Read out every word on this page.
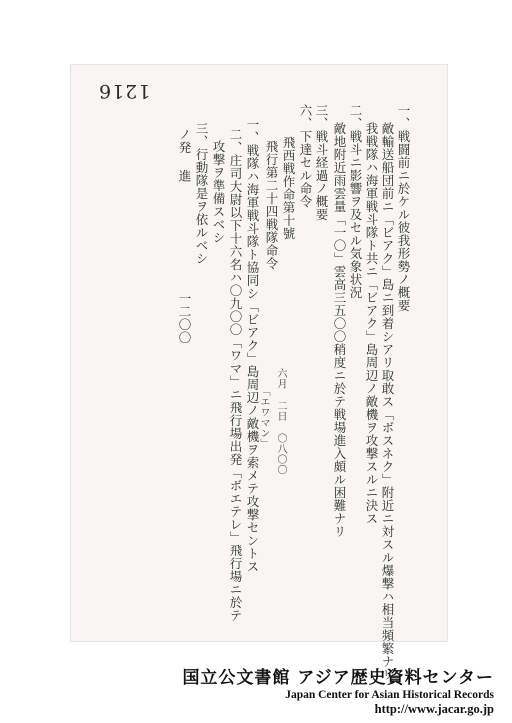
1216
一、戦闘前ニ於ケル彼我形勢ノ概要
敵輸送船団前ニ「ビアク」島ニ到着シアリ取敢ス「ボスネク」附近ニ対スル爆撃ハ相当頻繁ナリ
我戦隊ハ海軍戦斗隊ト共ニ「ビアク」島周辺ノ敵機ヲ攻撃スルニ決ス
二、戦斗ニ影響ヲ及セル気象状況
敵地附近雨雲量「一〇」雲高三五〇〇稍度ニ於テ戦場進入頗ル困難ナリ
三、戦斗経過ノ概要
六、下達セル命令
飛西戦作命第十號
飛行第二十四戦隊命令
一、戦隊ハ海軍戦斗隊ト協同シ「ビアク」島周辺ノ敵機ヲ索メテ攻撃セントス
二、庄司大尉以下十六名ハ〇九〇〇「ワマ」ニ飛行場出発「ボエテレ」飛行場ニ於テ
攻撃ヲ準備スベシ
三、行動隊是ヲ依ルベシ
ノ発 進
一二〇〇
六月 二日 〇八〇〇
「エワマン」
国立公文書館 アジア歴史資料センター
Japan Center for Asian Historical Records
http://www.jacar.go.jp
